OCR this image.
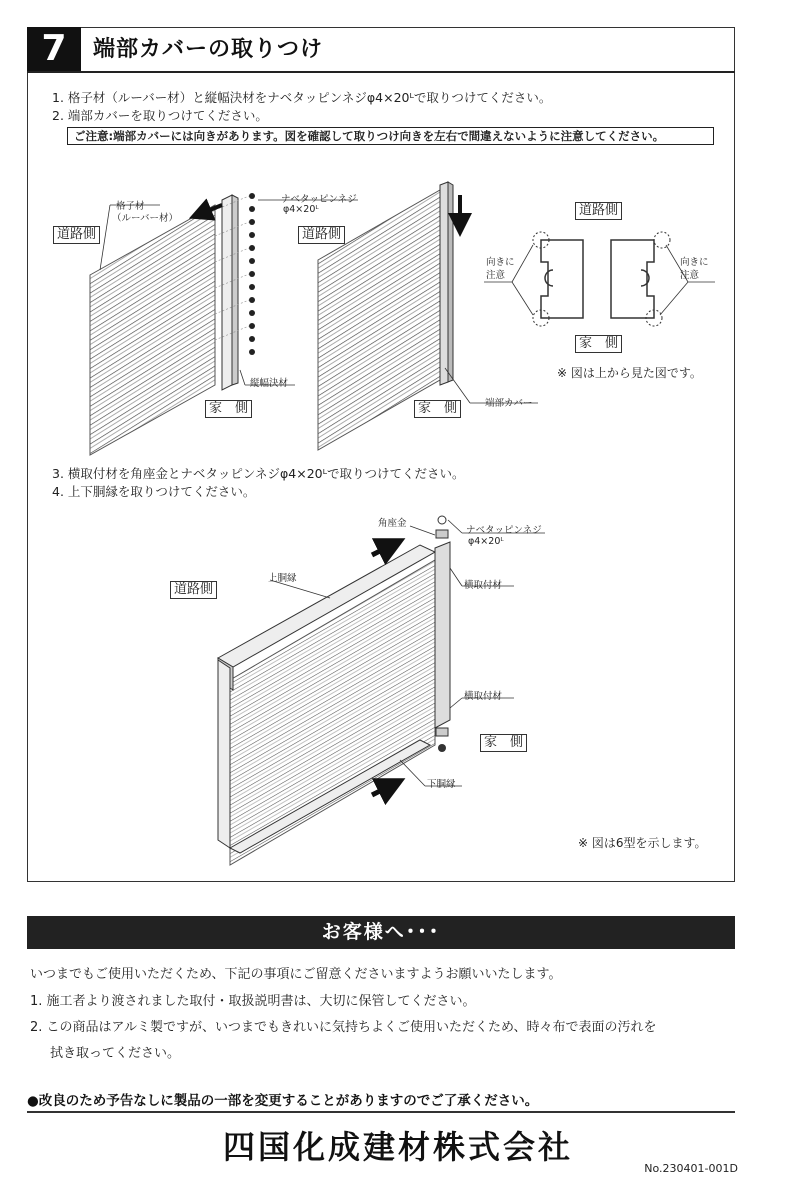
7	端部カバーの取りつけ
1. 格子材（ルーバー材）と縦幅決材をナベタッピンネジφ4×20ᴸで取りつけてください。
2. 端部カバーを取りつけてください。
ご注意:端部カバーには向きがあります。図を確認して取りつけ向きを左右で間違えないように注意してください。
道路側
格子材
（ルーバー材）
ナベタッピンネジ
φ4×20ᴸ
縦幅決材
家　側
道路側
家　側	端部カバー
道路側
向きに
注意
向きに
注意
家　側
※ 図は上から見た図です。
3. 横取付材を角座金とナベタッピンネジφ4×20ᴸで取りつけてください。
4. 上下胴縁を取りつけてください。
角座金
ナベタッピンネジ
φ4×20ᴸ
上胴縁
横取付材
道路側
横取付材
家　側
下胴縁
※ 図は6型を示します。
お客様へ･･･
いつまでもご使用いただくため、下記の事項にご留意くださいますようお願いいたします。
1. 施工者より渡されました取付・取扱説明書は、大切に保管してください。
2. この商品はアルミ製ですが、いつまでもきれいに気持ちよくご使用いただくため、時々布で表面の汚れを
拭き取ってください。
●改良のため予告なしに製品の一部を変更することがありますのでご了承ください。
四国化成建材株式会社
No.230401-001D
